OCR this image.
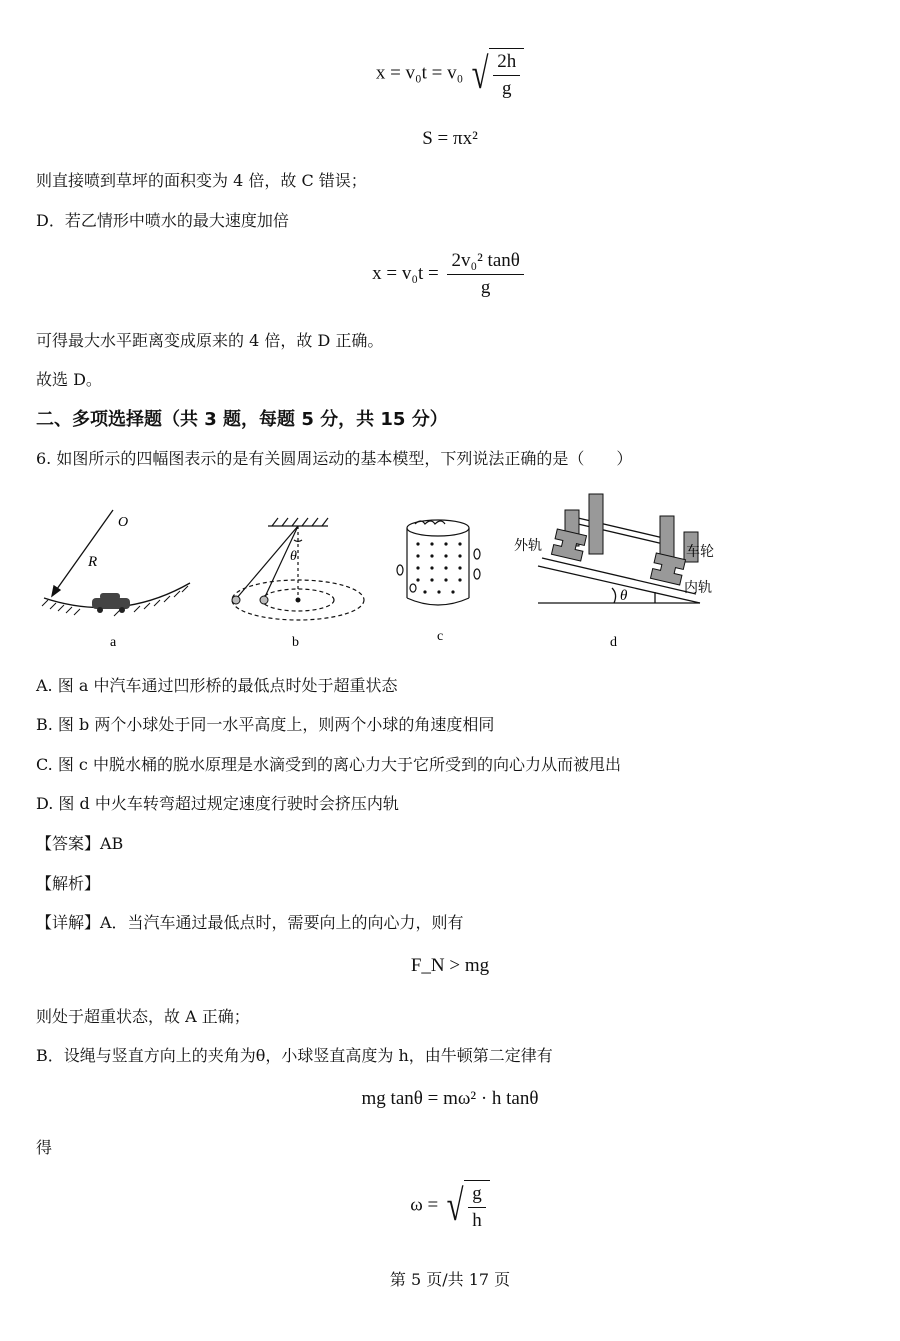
x = v₀t = v₀ √ $\frac{2h}{g}$
S = πx²
则直接喷到草坪的面积变为 4 倍，故 C 错误；
D．若乙情形中喷水的最大速度加倍
$x = v_0t = \frac{\text{2v₀² tanθ}}{g}$
可得最大水平距离变成原来的 4 倍，故 D 正确。
故选 D。
二、多项选择题（共 3 题，每题 5 分，共 15 分）
6. 如图所示的四幅图表示的是有关圆周运动的基本模型，下列说法正确的是（　　）
O
R	θ
外轨	车轮
内轨
θ
a	b	c	d
A. 图 a 中汽车通过凹形桥的最低点时处于超重状态
B. 图 b 两个小球处于同一水平高度上，则两个小球的角速度相同
C. 图 c 中脱水桶的脱水原理是水滴受到的离心力大于它所受到的向心力从而被甩出
D. 图 d 中火车转弯超过规定速度行驶时会挤压内轨
【答案】AB
【解析】
【详解】A．当汽车通过最低点时，需要向上的向心力，则有
F_N > mg
则处于超重状态，故 A 正确；
B．设绳与竖直方向上的夹角为θ，小球竖直高度为 h，由牛顿第二定律有
mg tanθ = mω² · h tanθ
得
ω = √ $\frac{g}{h}$
第 5 页/共 17 页
